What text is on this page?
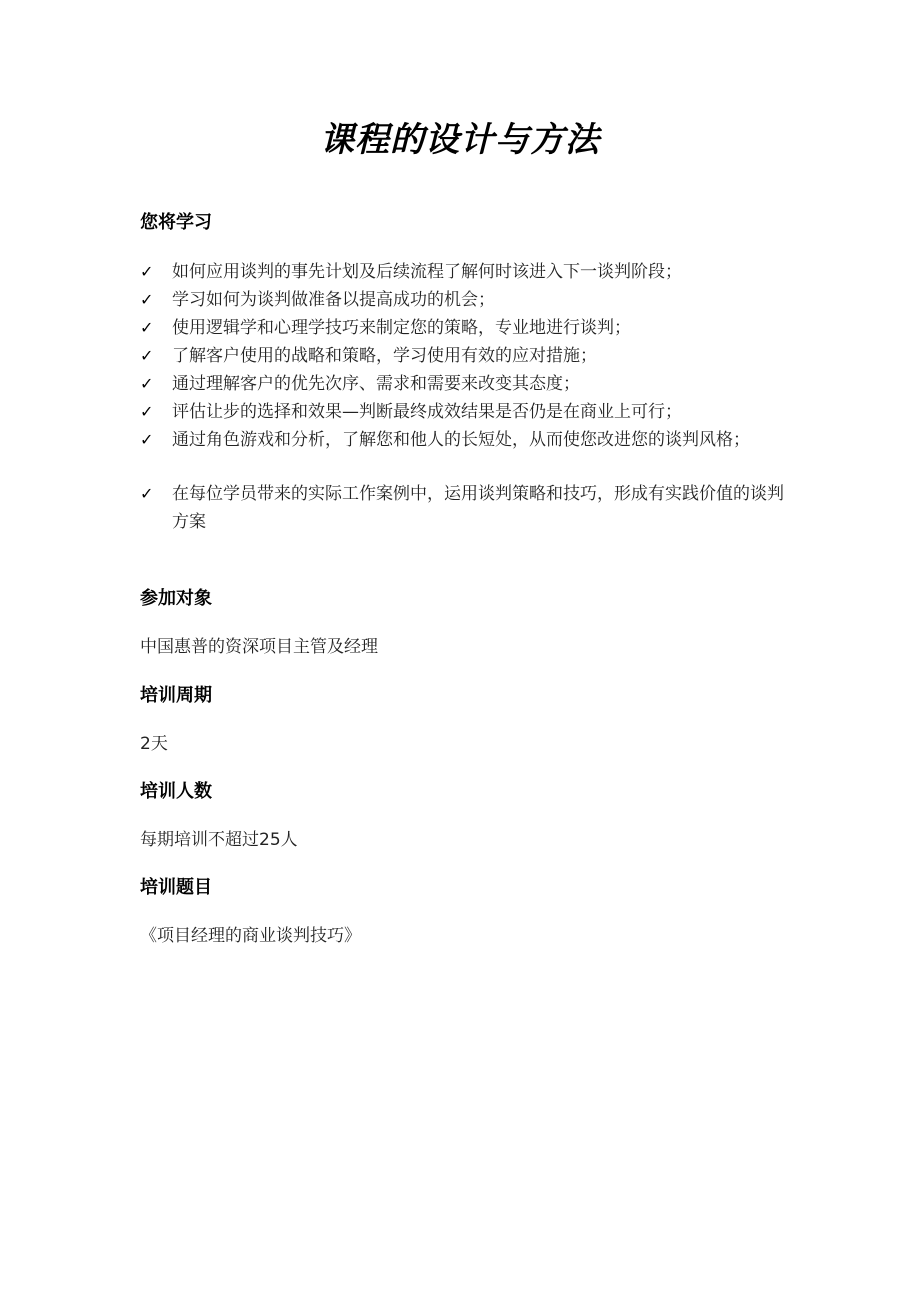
课程的设计与方法
您将学习
✓ 如何应用谈判的事先计划及后续流程了解何时该进入下一谈判阶段；
✓ 学习如何为谈判做准备以提高成功的机会；
✓ 使用逻辑学和心理学技巧来制定您的策略，专业地进行谈判；
✓ 了解客户使用的战略和策略，学习使用有效的应对措施；
✓ 通过理解客户的优先次序、需求和需要来改变其态度；
✓ 评估让步的选择和效果—判断最终成效结果是否仍是在商业上可行；
✓ 通过角色游戏和分析，了解您和他人的长短处，从而使您改进您的谈判风格；
✓ 在每位学员带来的实际工作案例中，运用谈判策略和技巧，形成有实践价值的谈判方案
参加对象

中国惠普的资深项目主管及经理

培训周期

2天

培训人数

每期培训不超过25人

培训题目

《项目经理的商业谈判技巧》
